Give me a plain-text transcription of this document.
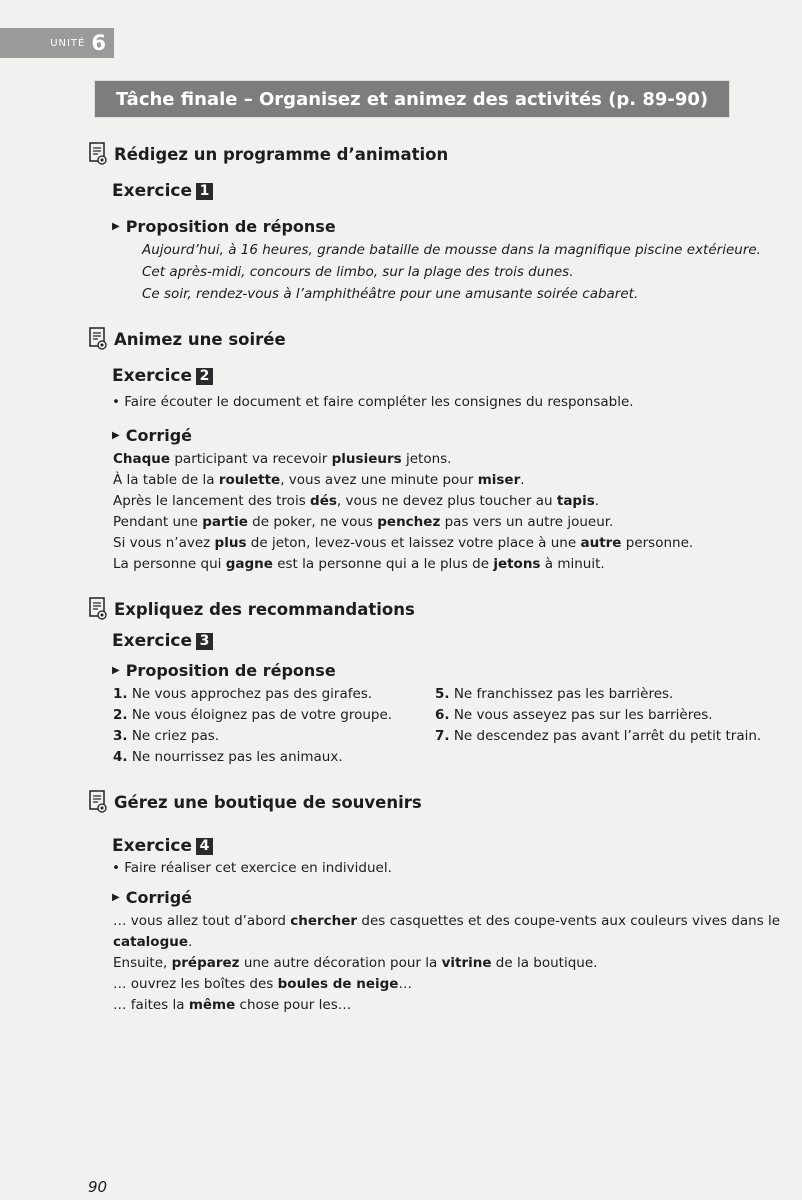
UNITÉ 6
Tâche finale – Organisez et animez des activités (p. 89-90)
Rédigez un programme d’animation
Exercice 1
▶ Proposition de réponse
Aujourd’hui, à 16 heures, grande bataille de mousse dans la magnifique piscine extérieure.
Cet après-midi, concours de limbo, sur la plage des trois dunes.
Ce soir, rendez-vous à l’amphithéâtre pour une amusante soirée cabaret.
Animez une soirée
Exercice 2
• Faire écouter le document et faire compléter les consignes du responsable.
▶ Corrigé
Chaque participant va recevoir plusieurs jetons.
À la table de la roulette, vous avez une minute pour miser.
Après le lancement des trois dés, vous ne devez plus toucher au tapis.
Pendant une partie de poker, ne vous penchez pas vers un autre joueur.
Si vous n’avez plus de jeton, levez-vous et laissez votre place à une autre personne.
La personne qui gagne est la personne qui a le plus de jetons à minuit.
Expliquez des recommandations
Exercice 3
▶ Proposition de réponse
1. Ne vous approchez pas des girafes.
2. Ne vous éloignez pas de votre groupe.
3. Ne criez pas.
4. Ne nourrissez pas les animaux.
5. Ne franchissez pas les barrières.
6. Ne vous asseyez pas sur les barrières.
7. Ne descendez pas avant l’arrêt du petit train.
Gérez une boutique de souvenirs
Exercice 4
• Faire réaliser cet exercice en individuel.
▶ Corrigé
… vous allez tout d’abord chercher des casquettes et des coupe-vents aux couleurs vives dans le catalogue.
Ensuite, préparez une autre décoration pour la vitrine de la boutique.
… ouvrez les boîtes des boules de neige…
… faites la même chose pour les…
90
